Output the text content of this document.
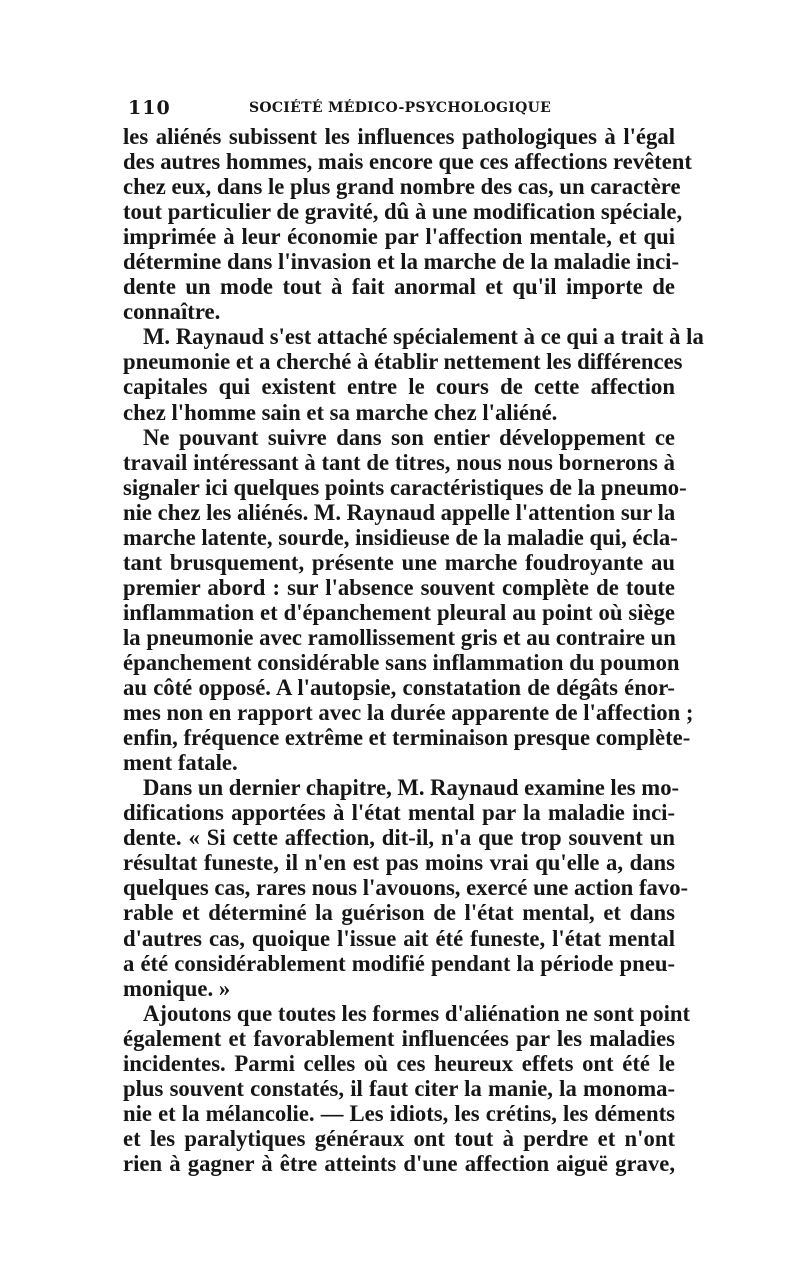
110	SOCIÉTÉ MÉDICO-PSYCHOLOGIQUE
les aliénés subissent les influences pathologiques à l'égal
des autres hommes, mais encore que ces affections revêtent
chez eux, dans le plus grand nombre des cas, un caractère
tout particulier de gravité, dû à une modification spéciale,
imprimée à leur économie par l'affection mentale, et qui
détermine dans l'invasion et la marche de la maladie inci-
dente un mode tout à fait anormal et qu'il importe de
connaître.
M. Raynaud s'est attaché spécialement à ce qui a trait à la
pneumonie et a cherché à établir nettement les différences
capitales qui existent entre le cours de cette affection
chez l'homme sain et sa marche chez l'aliéné.
Ne pouvant suivre dans son entier développement ce
travail intéressant à tant de titres, nous nous bornerons à
signaler ici quelques points caractéristiques de la pneumo-
nie chez les aliénés. M. Raynaud appelle l'attention sur la
marche latente, sourde, insidieuse de la maladie qui, écla-
tant brusquement, présente une marche foudroyante au
premier abord : sur l'absence souvent complète de toute
inflammation et d'épanchement pleural au point où siège
la pneumonie avec ramollissement gris et au contraire un
épanchement considérable sans inflammation du poumon
au côté opposé. A l'autopsie, constatation de dégâts énor-
mes non en rapport avec la durée apparente de l'affection ;
enfin, fréquence extrême et terminaison presque complète-
ment fatale.
Dans un dernier chapitre, M. Raynaud examine les mo-
difications apportées à l'état mental par la maladie inci-
dente. « Si cette affection, dit-il, n'a que trop souvent un
résultat funeste, il n'en est pas moins vrai qu'elle a, dans
quelques cas, rares nous l'avouons, exercé une action favo-
rable et déterminé la guérison de l'état mental, et dans
d'autres cas, quoique l'issue ait été funeste, l'état mental
a été considérablement modifié pendant la période pneu-
monique. »
Ajoutons que toutes les formes d'aliénation ne sont point
également et favorablement influencées par les maladies
incidentes. Parmi celles où ces heureux effets ont été le
plus souvent constatés, il faut citer la manie, la monoma-
nie et la mélancolie. — Les idiots, les crétins, les déments
et les paralytiques généraux ont tout à perdre et n'ont
rien à gagner à être atteints d'une affection aiguë grave,
